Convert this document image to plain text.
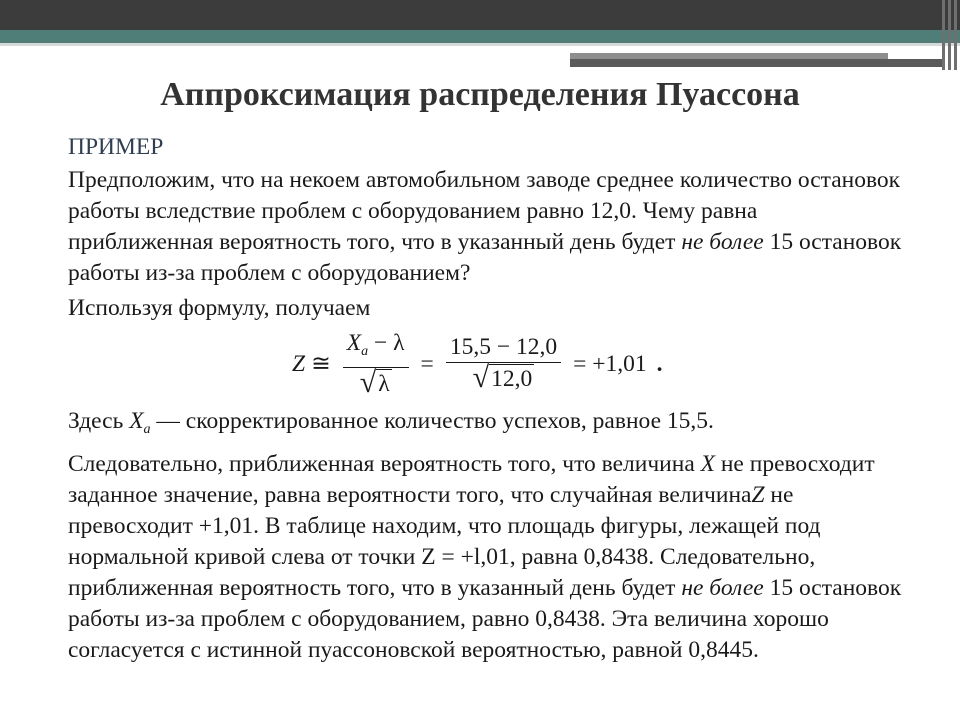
Аппроксимация распределения Пуассона
ПРИМЕР

Предположим, что на некоем автомобильном заводе среднее количество остановок работы вследствие проблем с оборудованием равно 12,0. Чему равна приближенная вероятность того, что в указанный день будет не более 15 остановок работы из-за проблем с оборудованием?

Используя формулу, получаем

Z ≅ $\frac{X_a - \lambda}{√ \lambda} = \frac{15,5 - 12,0}{√ 12,0} = +1,01$ .

Здесь $X_a$ — скорректированное количество успехов, равное 15,5.

Следовательно, приближенная вероятность того, что величина X не превосходит заданное значение, равна вероятности того, что случайная величинаZ не превосходит +1,01. В таблице находим, что площадь фигуры, лежащей под нормальной кривой слева от точки Z = +l,01, равна 0,8438. Следовательно, приближенная вероятность того, что в указанный день будет не более 15 остановок работы из-за проблем с оборудованием, равно 0,8438. Эта величина хорошо согласуется с истинной пуассоновской вероятностью, равной 0,8445.
